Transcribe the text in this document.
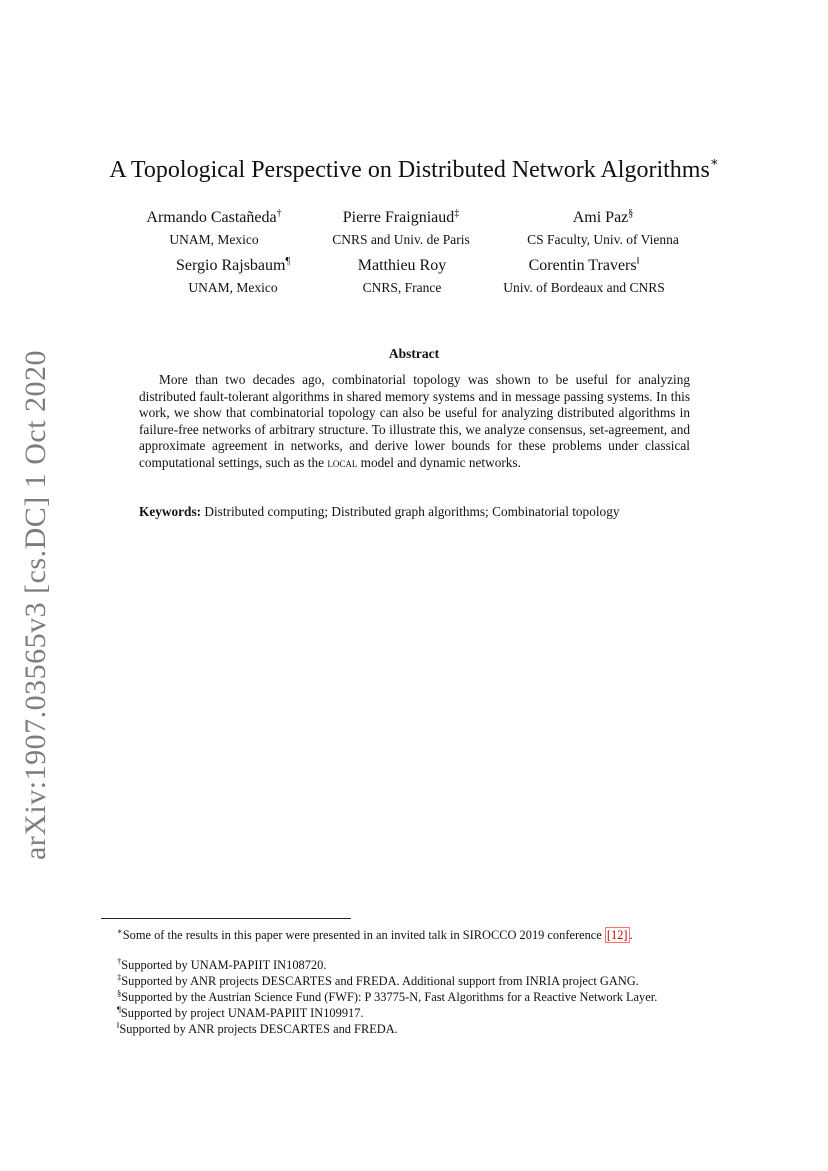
arXiv:1907.03565v3 [cs.DC] 1 Oct 2020
A Topological Perspective on Distributed Network Algorithms∗
Armando Castañeda†
UNAM, Mexico
Pierre Fraigniaud‡
CNRS and Univ. de Paris
Ami Paz§
CS Faculty, Univ. of Vienna
Sergio Rajsbaum¶
UNAM, Mexico
Matthieu Roy
CNRS, France
Corentin Travers‖
Univ. of Bordeaux and CNRS
Abstract
More than two decades ago, combinatorial topology was shown to be useful for analyzing distributed fault-tolerant algorithms in shared memory systems and in message passing systems. In this work, we show that combinatorial topology can also be useful for analyzing distributed algorithms in failure-free networks of arbitrary structure. To illustrate this, we analyze consensus, set-agreement, and approximate agreement in networks, and derive lower bounds for these problems under classical computational settings, such as the local model and dynamic networks.
Keywords: Distributed computing; Distributed graph algorithms; Combinatorial topology
∗Some of the results in this paper were presented in an invited talk in SIROCCO 2019 conference [12] .
†Supported by UNAM-PAPIIT IN108720.
‡Supported by ANR projects DESCARTES and FREDA. Additional support from INRIA project GANG.
§Supported by the Austrian Science Fund (FWF): P 33775-N, Fast Algorithms for a Reactive Network Layer.
¶Supported by project UNAM-PAPIIT IN109917.
‖Supported by ANR projects DESCARTES and FREDA.
